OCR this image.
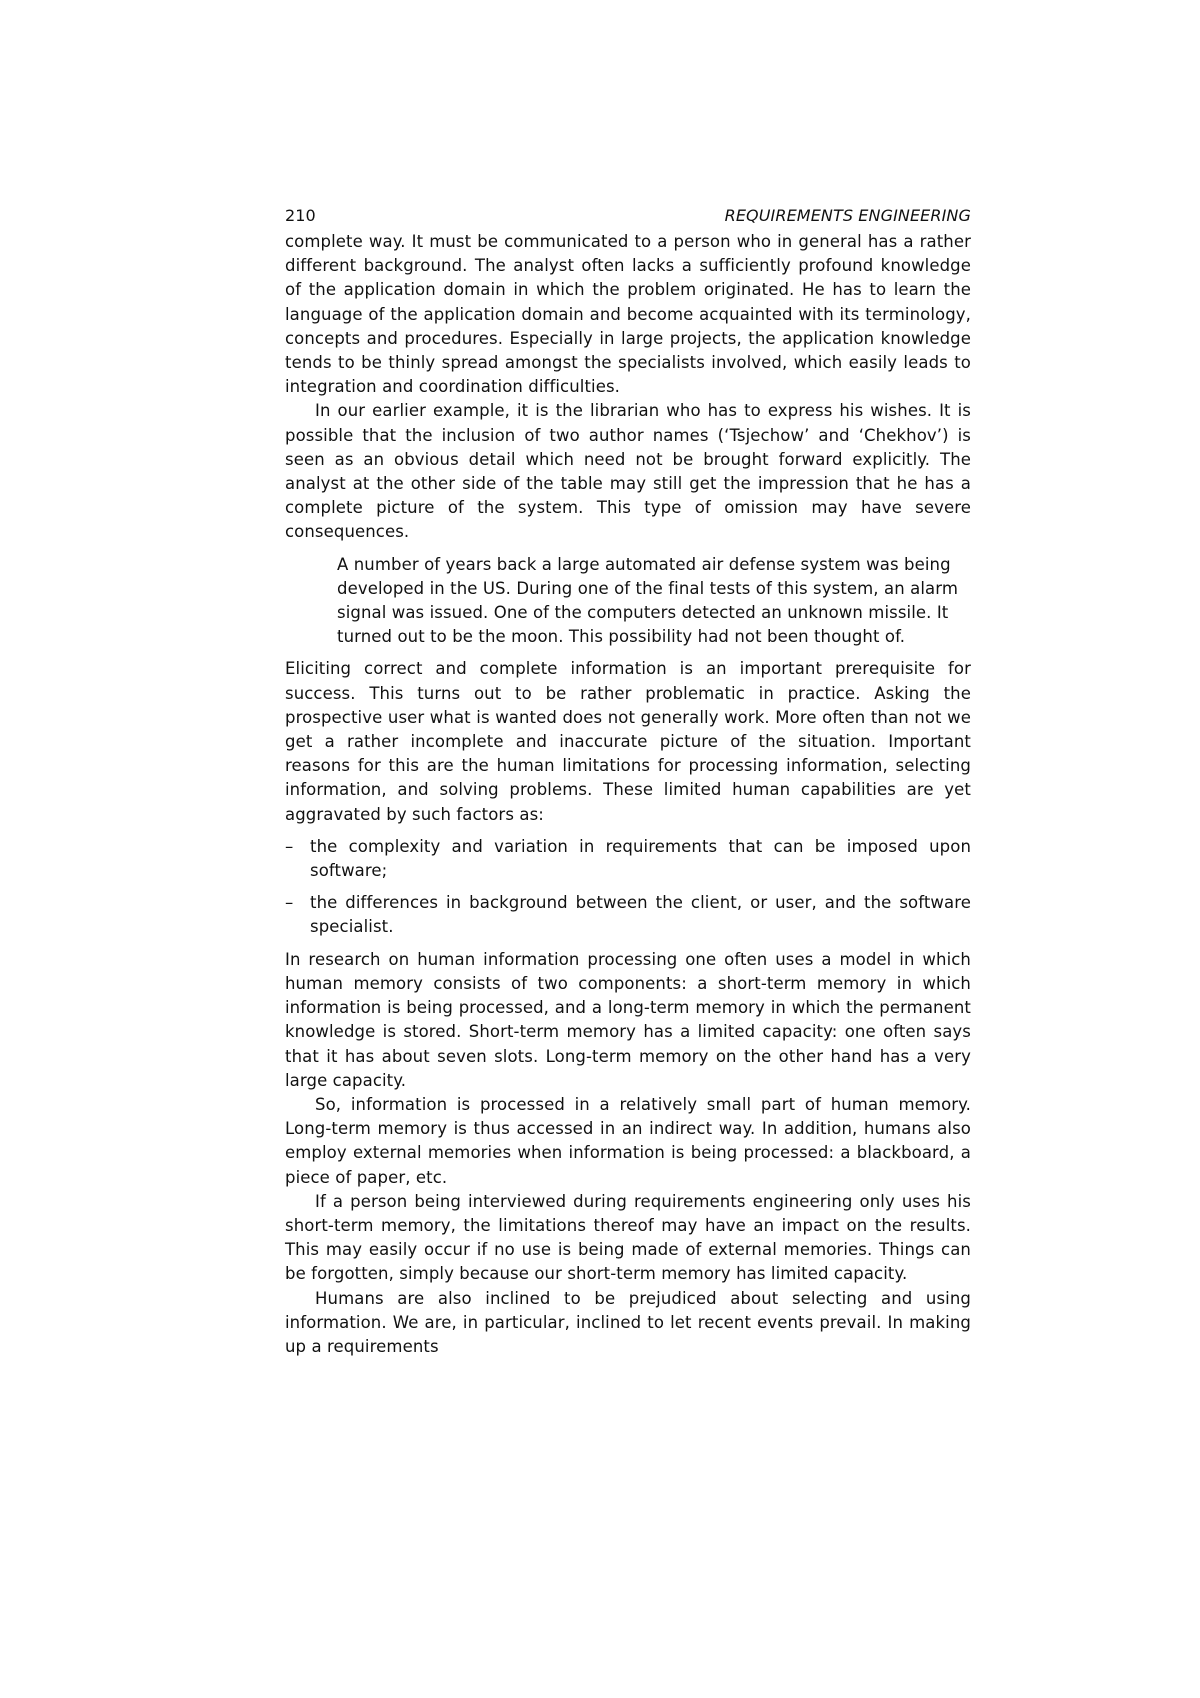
210	REQUIREMENTS ENGINEERING

complete way. It must be communicated to a person who in general has a rather different background. The analyst often lacks a sufficiently profound knowledge of the application domain in which the problem originated. He has to learn the language of the application domain and become acquainted with its terminology, concepts and procedures. Especially in large projects, the application knowledge tends to be thinly spread amongst the specialists involved, which easily leads to integration and coordination difficulties.

In our earlier example, it is the librarian who has to express his wishes. It is possible that the inclusion of two author names (‘Tsjechow’ and ‘Chekhov’) is seen as an obvious detail which need not be brought forward explicitly. The analyst at the other side of the table may still get the impression that he has a complete picture of the system. This type of omission may have severe consequences.

A number of years back a large automated air defense system was being
developed in the US. During one of the final tests of this system, an alarm
signal was issued. One of the computers detected an unknown missile. It
turned out to be the moon. This possibility had not been thought of.

Eliciting correct and complete information is an important prerequisite for success. This turns out to be rather problematic in practice. Asking the prospective user what is wanted does not generally work. More often than not we get a rather incomplete and inaccurate picture of the situation. Important reasons for this are the human limitations for processing information, selecting information, and solving problems. These limited human capabilities are yet aggravated by such factors as:

–	the complexity and variation in requirements that can be imposed upon software;
–	the differences in background between the client, or user, and the software specialist.

In research on human information processing one often uses a model in which human memory consists of two components: a short-term memory in which information is being processed, and a long-term memory in which the permanent knowledge is stored. Short-term memory has a limited capacity: one often says that it has about seven slots. Long-term memory on the other hand has a very large capacity.

So, information is processed in a relatively small part of human memory. Long-term memory is thus accessed in an indirect way. In addition, humans also employ external memories when information is being processed: a blackboard, a piece of paper, etc.

If a person being interviewed during requirements engineering only uses his short-term memory, the limitations thereof may have an impact on the results. This may easily occur if no use is being made of external memories. Things can be forgotten, simply because our short-term memory has limited capacity.

Humans are also inclined to be prejudiced about selecting and using information. We are, in particular, inclined to let recent events prevail. In making up a requirements
